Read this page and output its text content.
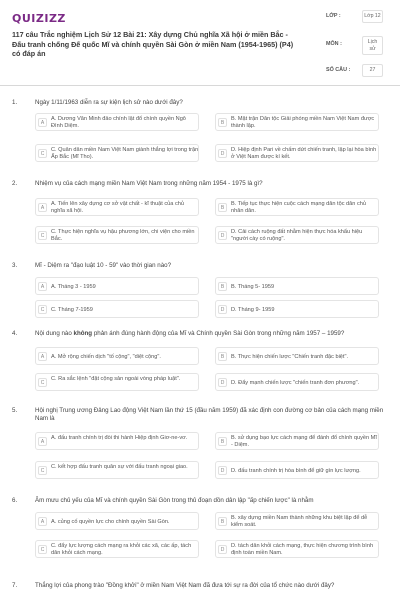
QUIZIZZ
117 câu Trắc nghiệm Lịch Sử 12 Bài 21: Xây dựng Chủ nghĩa Xã hội ở miền Bắc - Đấu tranh chống Đế quốc Mĩ và chính quyền Sài Gòn ở miền Nam (1954-1965) (P4) có đáp án
LỚP :	Lớp 12
MÔN :	Lịch sử
SỐ CÂU :	27
1.	Ngày 1/11/1963 diễn ra sự kiện lịch sử nào dưới đây?
A
A. Dương Văn Minh đảo chính lật đổ chính quyền Ngô Đình Diệm.	B
B. Mặt trận Dân tộc Giải phóng miền Nam Việt Nam được thành lập.
C
C. Quân dân miền Nam Việt Nam giành thắng lợi trong trận Ấp Bắc (Mĩ Tho).	D
D. Hiệp định Pari về chấm dứt chiến tranh, lập lại hòa bình ở Việt Nam được kí kết.
2.	Nhiệm vụ của cách mạng miền Nam Việt Nam trong những năm 1954 - 1975 là gì?
A
A. Tiến lên xây dựng cơ sở vật chất - kĩ thuật của chủ nghĩa xã hội.	B
B. Tiếp tục thực hiện cuộc cách mạng dân tộc dân chủ nhân dân.
C
C. Thực hiện nghĩa vụ hậu phương lớn, chi viện cho miền Bắc.	D
D. Cải cách ruộng đất nhằm hiện thực hóa khẩu hiệu "người cày có ruộng".
3.	Mĩ - Diệm ra "đạo luật 10 - 59" vào thời gian nào?
A	A. Tháng 3 - 1959	B	B. Tháng 5- 1959
C	C. Tháng 7-1959	D	D. Tháng 9- 1959
4.	Nội dung nào không phản ánh đúng hành động của Mĩ và Chính quyền Sài Gòn trong những năm 1957 – 1959?
A	A. Mở rộng chiến dịch "tố cộng", "diệt cộng".	B	B. Thực hiện chiến lược "Chiến tranh đặc biệt".
C
C. Ra sắc lệnh "đặt cộng sản ngoài vòng pháp luật".
D	D. Đẩy mạnh chiến lược "chiến tranh đơn phương".
5.	Hội nghị Trung ương Đảng Lao động Việt Nam lần thứ 15 (đầu năm 1959) đã xác định con đường cơ bản của cách mạng miền Nam là
A
A. đấu tranh chính trị đòi thi hành Hiệp định Giơ-ne-vơ.
B
B. sử dụng bạo lực cách mạng để đánh đổ chính quyền Mĩ - Diệm.
C
C. kết hợp đấu tranh quân sự với đấu tranh ngoại giao.
D	D. đấu tranh chính trị hòa bình để giữ gìn lực lượng.
6.	Âm mưu chủ yếu của Mĩ và chính quyền Sài Gòn trong thủ đoạn dồn dân lập "ấp chiến lược" là nhằm
A	A. củng cố quyền lực cho chính quyền Sài Gòn.	B
B. xây dựng miền Nam thành những khu biệt lập để dễ kiểm soát.
C
C. đẩy lực lượng cách mạng ra khỏi các xã, các ấp, tách dân khỏi cách mạng.	D
D. tách dân khỏi cách mạng, thực hiện chương trình bình định toàn miền Nam.
7.	Thắng lợi của phong trào "Đồng khởi" ở miền Nam Việt Nam đã đưa tới sự ra đời của tổ chức nào dưới đây?
